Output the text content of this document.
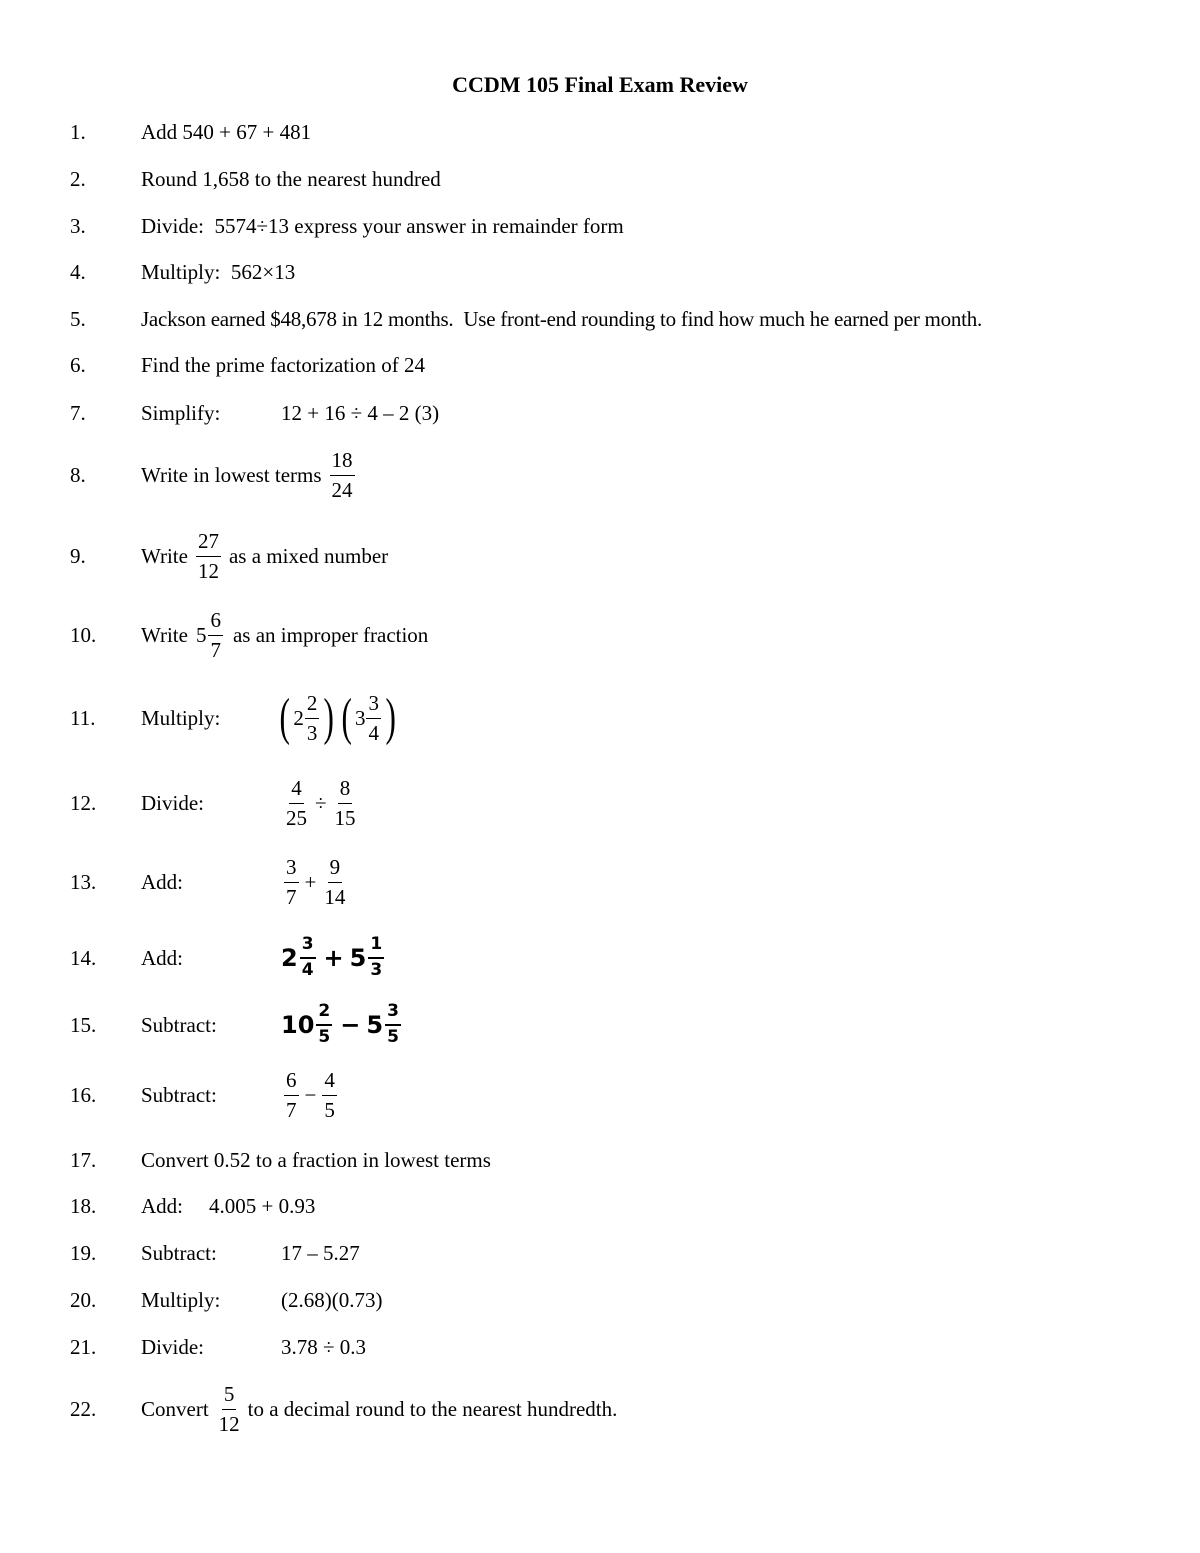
CCDM 105 Final Exam Review
1.	Add 540 + 67 + 481
2.	Round 1,658 to the nearest hundred
3.	Divide:  5574÷13 express your answer in remainder form
4.	Multiply:  562×13
5.	Jackson earned $48,678 in 12 months.  Use front-end rounding to find how much he earned per month.
6.	Find the prime factorization of 24
7.	Simplify:	12 + 16 ÷ 4 – 2 (3)
8.	Write in lowest terms $\frac{18}{24}$
9.	Write $\frac{27}{12}$ as a mixed number
10. Write $5 \frac{6}{7}$ as an improper fraction
11. Multiply: ( $2 \frac{2}{3}$ ) ( $3 \frac{3}{4}$ )
12. Divide:	$\frac{4}{25} \div \frac{8}{15}$
13. Add:	$\frac{3}{7} + \frac{9}{14}$
14. Add:	$2 \frac{3}{4} + 5 \frac{1}{3}$
15. Subtract:	$10 \frac{2}{5} - 5 \frac{3}{5}$
16. Subtract:	$\frac{6}{7} - \frac{4}{5}$
17. Convert 0.52 to a fraction in lowest terms
18. Add: 4.005 + 0.93
19. Subtract:	17 – 5.27
20. Multiply:	(2.68)(0.73)
21. Divide:	3.78 ÷ 0.3
22. Convert $\frac{5}{12}$ to a decimal round to the nearest hundredth.
